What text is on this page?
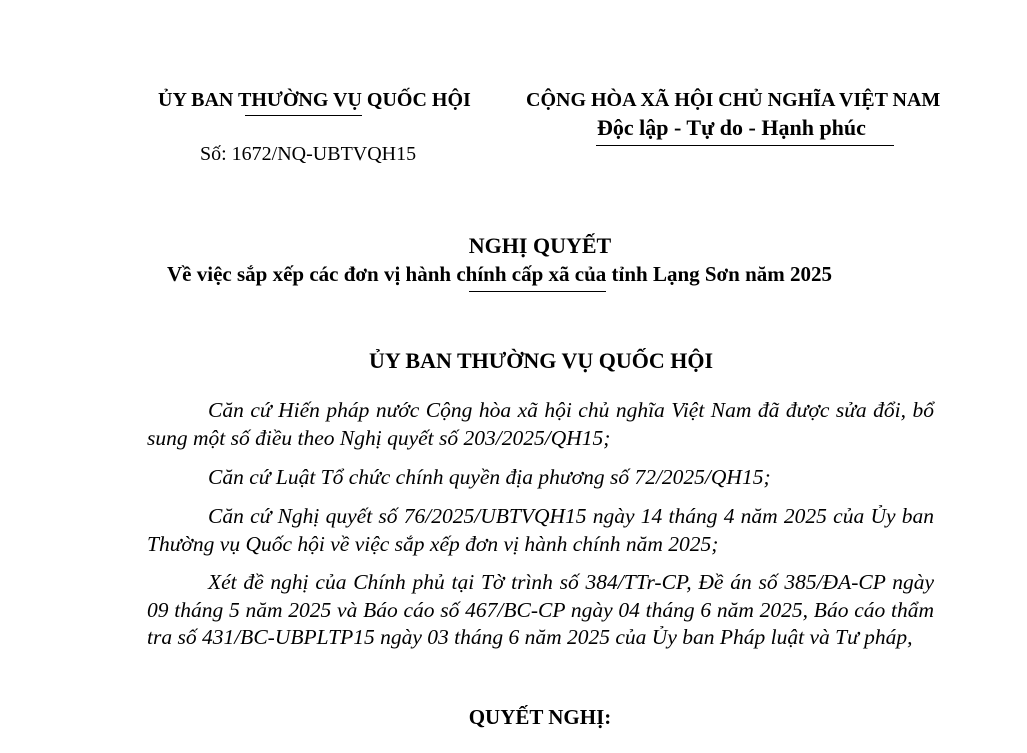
ỦY BAN THƯỜNG VỤ QUỐC HỘI	CỘNG HÒA XÃ HỘI CHỦ NGHĨA VIỆT NAM
Độc lập - Tự do - Hạnh phúc
Số: 1672/NQ-UBTVQH15
NGHỊ QUYẾT
Về việc sắp xếp các đơn vị hành chính cấp xã của tỉnh Lạng Sơn năm 2025
ỦY BAN THƯỜNG VỤ QUỐC HỘI
Căn cứ Hiến pháp nước Cộng hòa xã hội chủ nghĩa Việt Nam đã được sửa đổi, bổ sung một số điều theo Nghị quyết số 203/2025/QH15;
Căn cứ Luật Tổ chức chính quyền địa phương số 72/2025/QH15;
Căn cứ Nghị quyết số 76/2025/UBTVQH15 ngày 14 tháng 4 năm 2025 của Ủy ban Thường vụ Quốc hội về việc sắp xếp đơn vị hành chính năm 2025;
Xét đề nghị của Chính phủ tại Tờ trình số 384/TTr-CP, Đề án số 385/ĐA-CP ngày 09 tháng 5 năm 2025 và Báo cáo số 467/BC-CP ngày 04 tháng 6 năm 2025, Báo cáo thẩm tra số 431/BC-UBPLTP15 ngày 03 tháng 6 năm 2025 của Ủy ban Pháp luật và Tư pháp,
QUYẾT NGHỊ:
